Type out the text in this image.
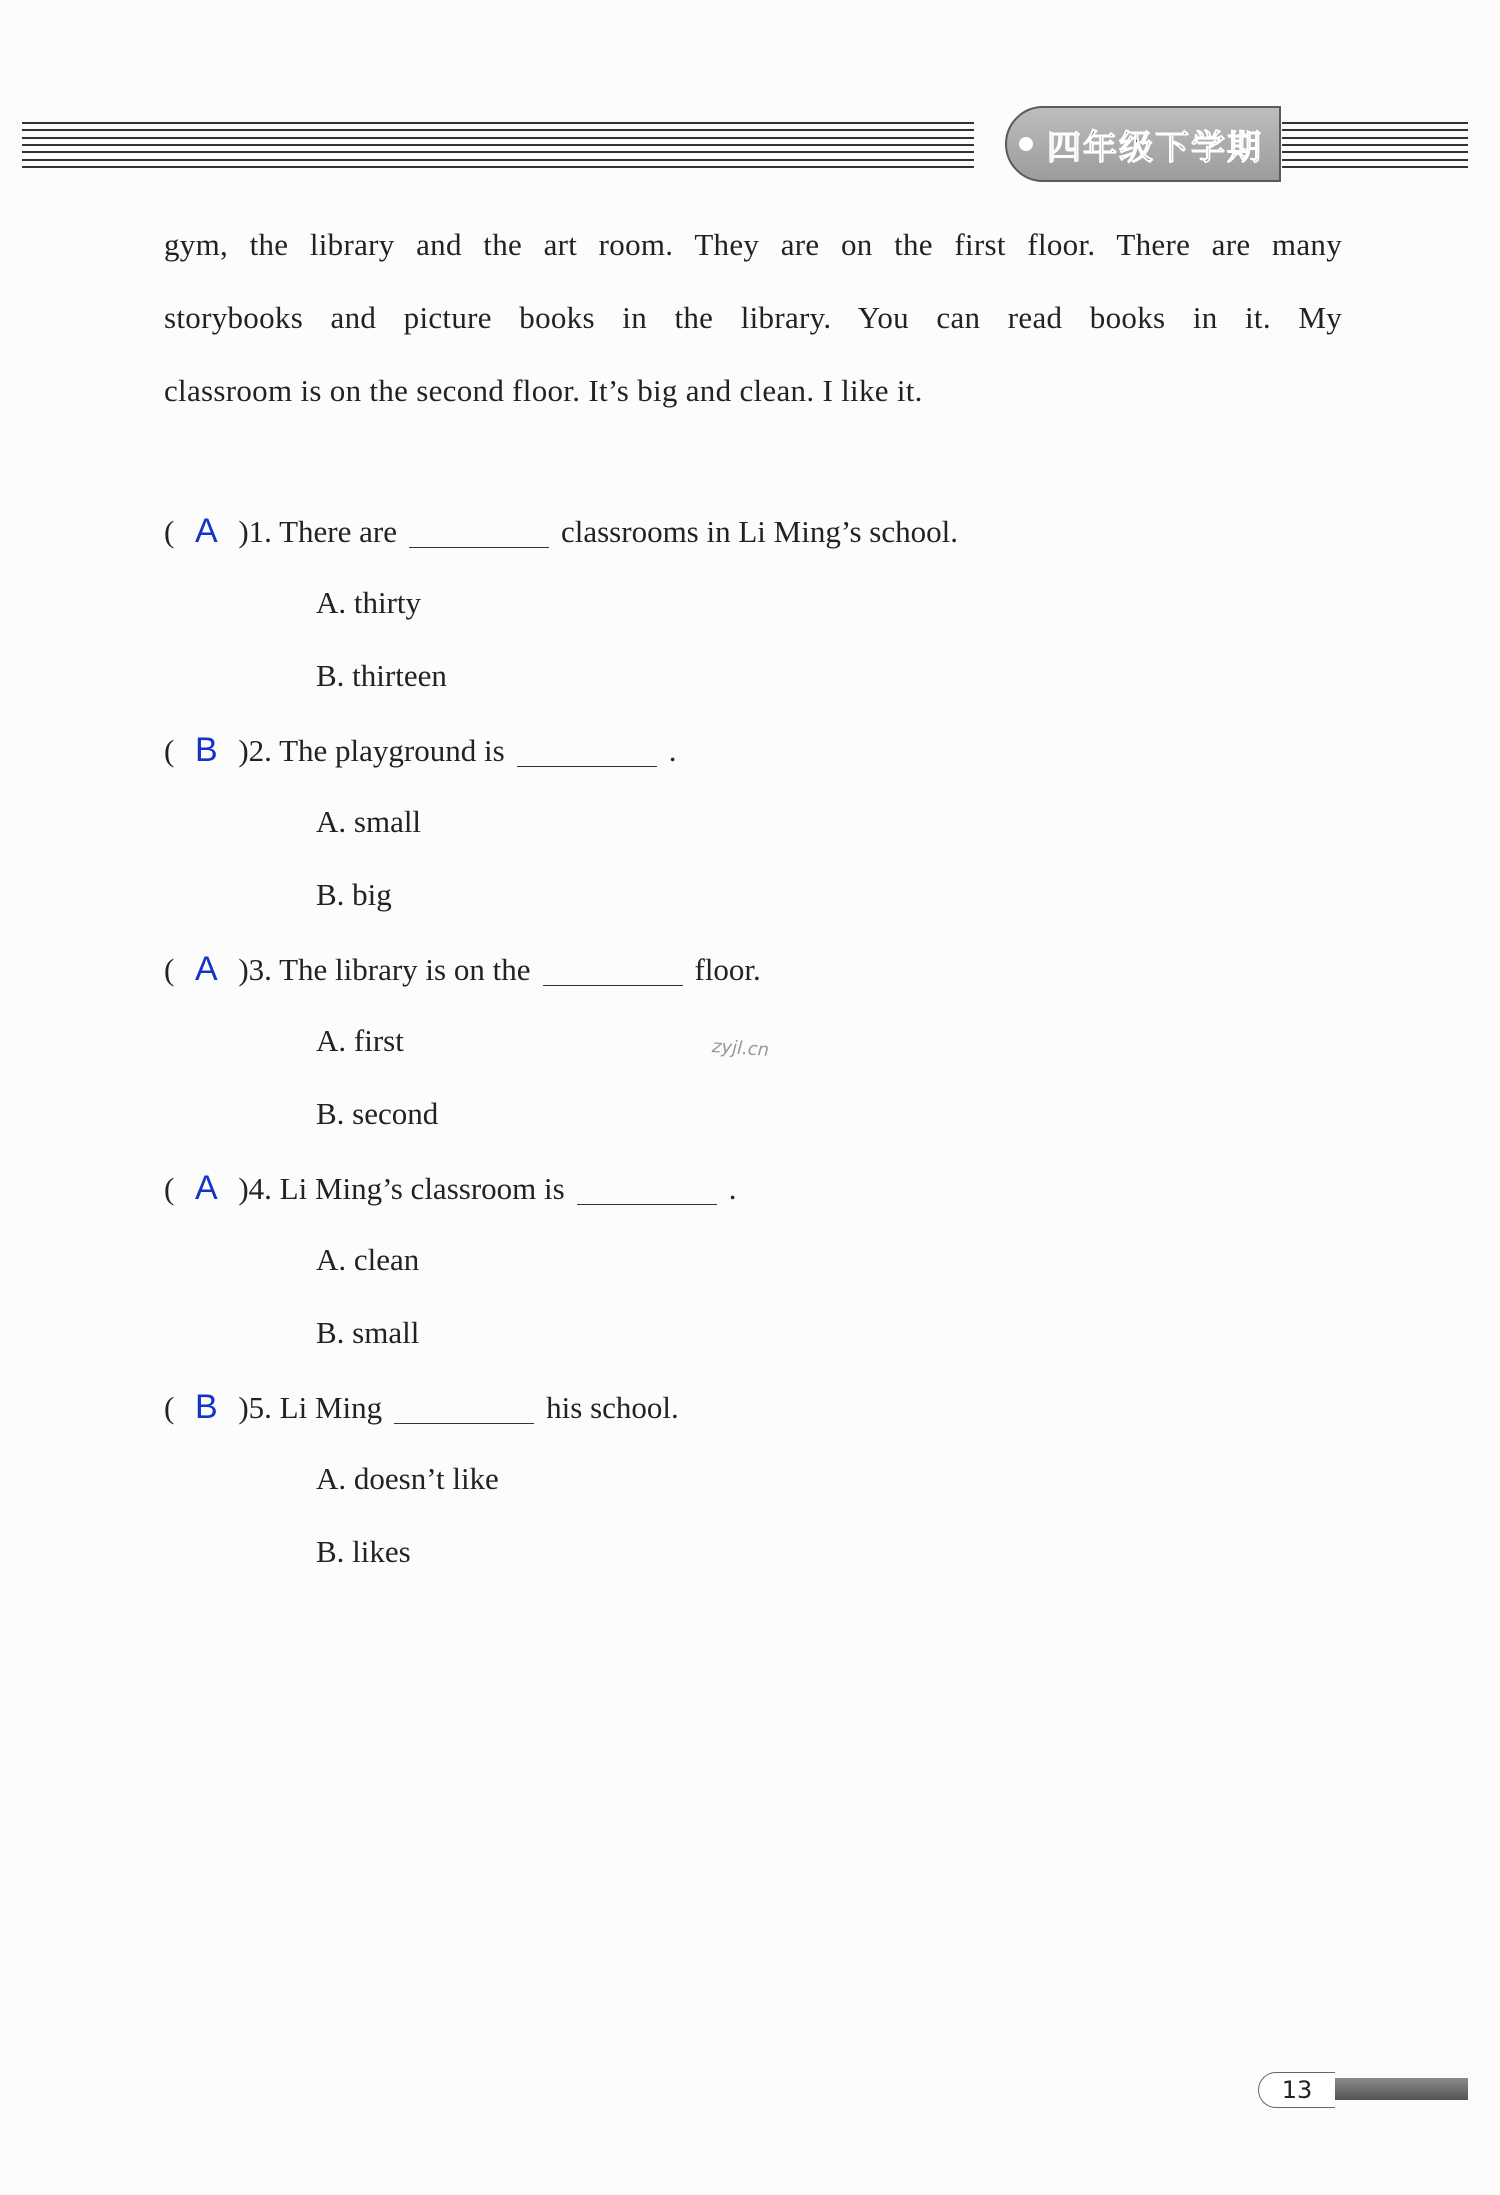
四年级下学期
gym, the library and the art room. They are on the first floor. There are many
storybooks and picture books in the library. You can read books in it. My
classroom is on the second floor. It’s big and clean. I like it.
( A )1. There are	classrooms in Li Ming’s school.
A. thirty
B. thirteen
( B )2. The playground is	.
A. small
B. big
( A )3. The library is on the	floor.
A. first
B. second
( A )4. Li Ming’s classroom is	.
A. clean
B. small
( B )5. Li Ming	his school.
A. doesn’t like
B. likes
zyjl.cn
13
